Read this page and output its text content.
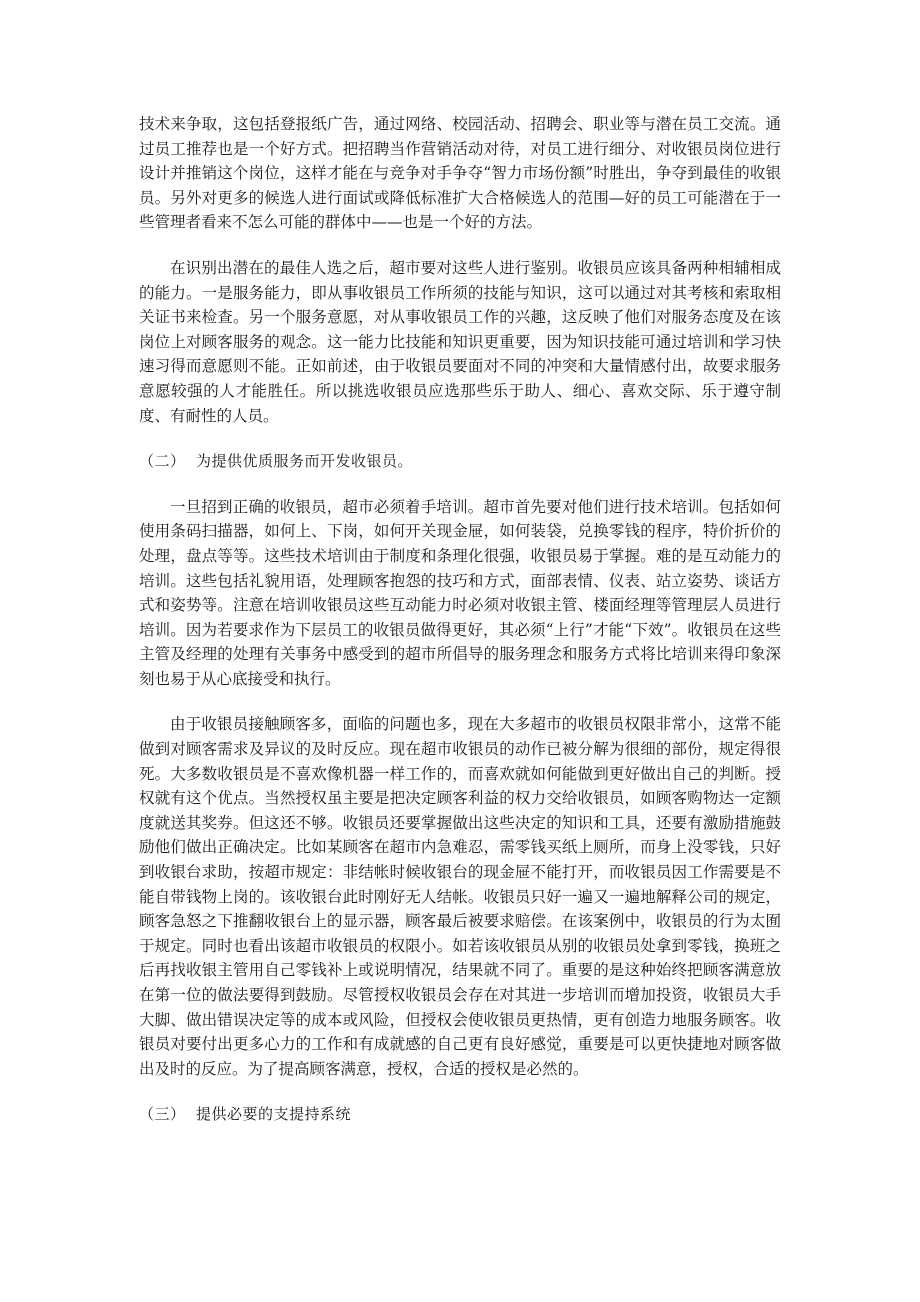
技术来争取，这包括登报纸广告，通过网络、校园活动、招聘会、职业等与潜在员工交流。通过员工推荐也是一个好方式。把招聘当作营销活动对待，对员工进行细分、对收银员岗位进行设计并推销这个岗位，这样才能在与竞争对手争夺“智力市场份额”时胜出，争夺到最佳的收银员。另外对更多的候选人进行面试或降低标准扩大合格候选人的范围—好的员工可能潜在于一些管理者看来不怎么可能的群体中——也是一个好的方法。

在识别出潜在的最佳人选之后，超市要对这些人进行鉴别。收银员应该具备两种相辅相成的能力。一是服务能力，即从事收银员工作所须的技能与知识，这可以通过对其考核和索取相关证书来检查。另一个服务意愿，对从事收银员工作的兴趣，这反映了他们对服务态度及在该岗位上对顾客服务的观念。这一能力比技能和知识更重要，因为知识技能可通过培训和学习快速习得而意愿则不能。正如前述，由于收银员要面对不同的冲突和大量情感付出，故要求服务意愿较强的人才能胜任。所以挑选收银员应选那些乐于助人、细心、喜欢交际、乐于遵守制度、有耐性的人员。

（二）  为提供优质服务而开发收银员。

一旦招到正确的收银员，超市必须着手培训。超市首先要对他们进行技术培训。包括如何使用条码扫描器，如何上、下岗，如何开关现金屉，如何装袋，兑换零钱的程序，特价折价的处理，盘点等等。这些技术培训由于制度和条理化很强，收银员易于掌握。难的是互动能力的培训。这些包括礼貌用语，处理顾客抱怨的技巧和方式，面部表情、仪表、站立姿势、谈话方式和姿势等。注意在培训收银员这些互动能力时必须对收银主管、楼面经理等管理层人员进行培训。因为若要求作为下层员工的收银员做得更好，其必须“上行”才能“下效”。收银员在这些主管及经理的处理有关事务中感受到的超市所倡导的服务理念和服务方式将比培训来得印象深刻也易于从心底接受和执行。

由于收银员接触顾客多，面临的问题也多，现在大多超市的收银员权限非常小，这常不能做到对顾客需求及异议的及时反应。现在超市收银员的动作已被分解为很细的部份，规定得很死。大多数收银员是不喜欢像机器一样工作的，而喜欢就如何能做到更好做出自己的判断。授权就有这个优点。当然授权虽主要是把决定顾客利益的权力交给收银员，如顾客购物达一定额度就送其奖券。但这还不够。收银员还要掌握做出这些决定的知识和工具，还要有激励措施鼓励他们做出正确决定。比如某顾客在超市内急难忍，需零钱买纸上厕所，而身上没零钱，只好到收银台求助，按超市规定：非结帐时候收银台的现金屉不能打开，而收银员因工作需要是不能自带钱物上岗的。该收银台此时刚好无人结帐。收银员只好一遍又一遍地解释公司的规定，顾客急怒之下推翻收银台上的显示器，顾客最后被要求赔偿。在该案例中，收银员的行为太囿于规定。同时也看出该超市收银员的权限小。如若该收银员从别的收银员处拿到零钱，换班之后再找收银主管用自己零钱补上或说明情况，结果就不同了。重要的是这种始终把顾客满意放在第一位的做法要得到鼓励。尽管授权收银员会存在对其进一步培训而增加投资，收银员大手大脚、做出错误决定等的成本或风险，但授权会使收银员更热情，更有创造力地服务顾客。收银员对要付出更多心力的工作和有成就感的自己更有良好感觉，重要是可以更快捷地对顾客做出及时的反应。为了提高顾客满意，授权，合适的授权是必然的。

（三）  提供必要的支提持系统
